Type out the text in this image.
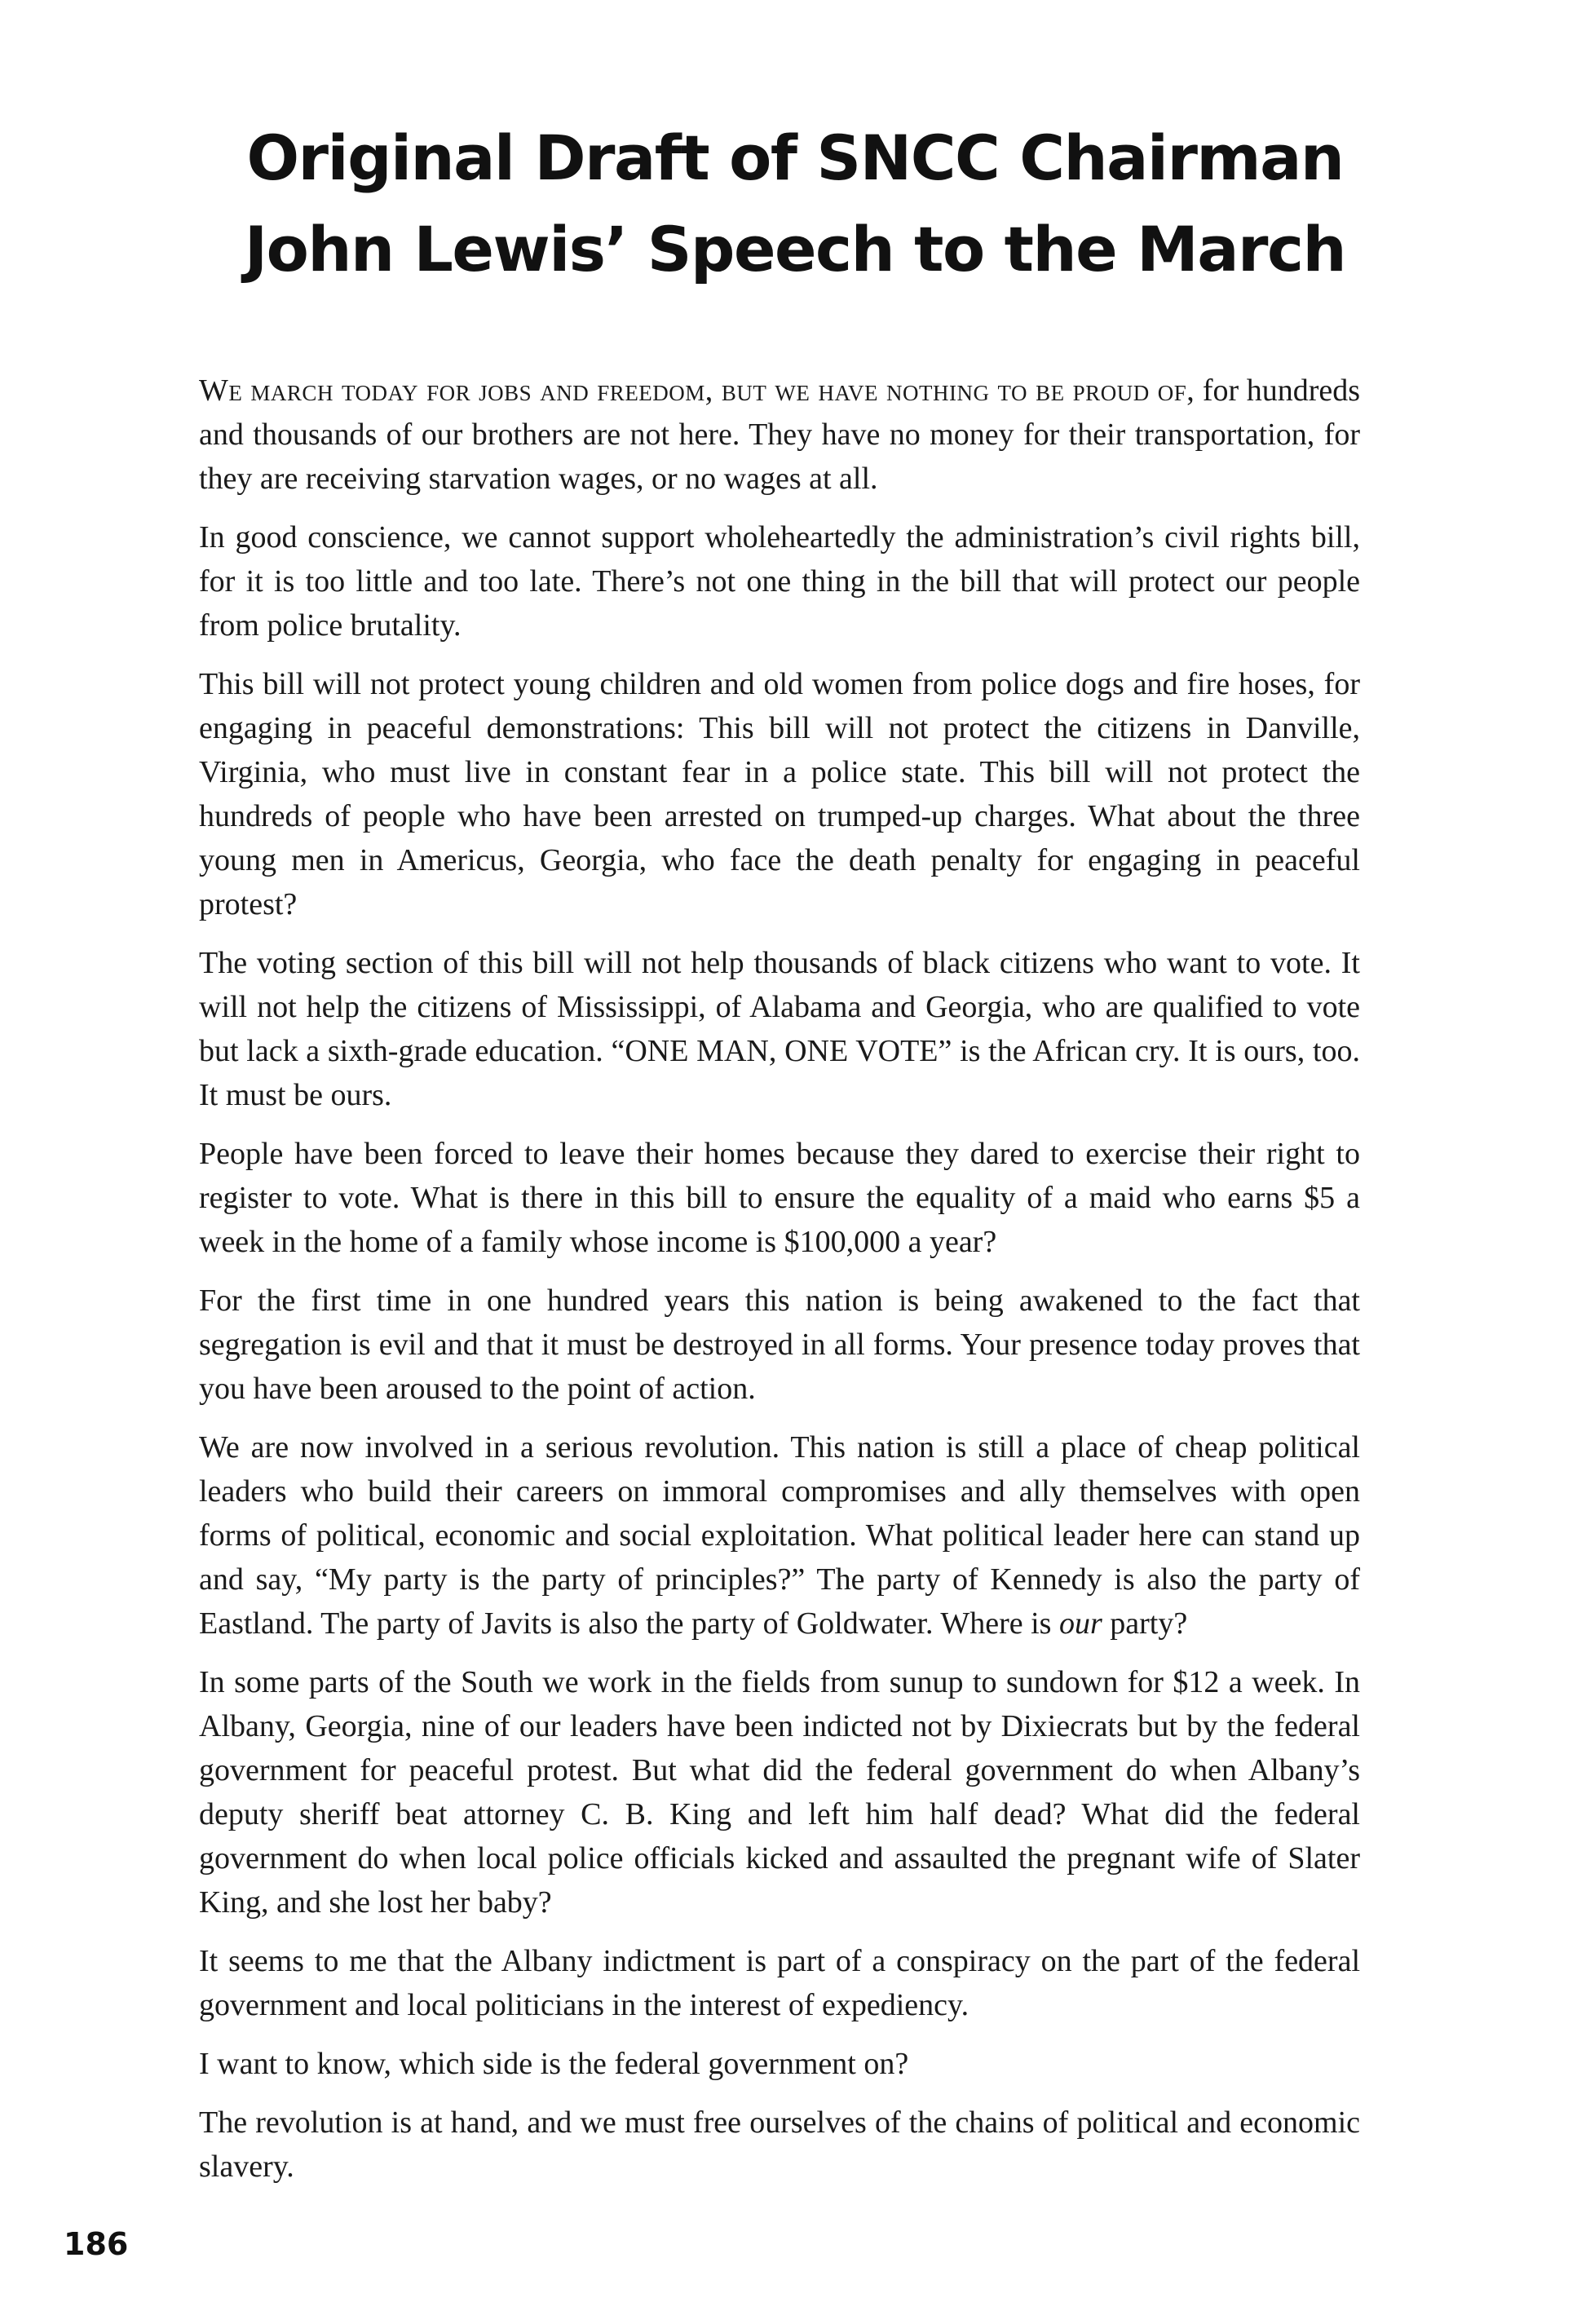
Original Draft of SNCC Chairman
John Lewis’ Speech to the March

We march today for jobs and freedom, but we have nothing to be proud of, for hundreds and thousands of our brothers are not here. They have no money for their transportation, for they are receiving starvation wages, or no wages at all.

In good conscience, we cannot support wholeheartedly the administration’s civil rights bill, for it is too little and too late. There’s not one thing in the bill that will protect our people from police brutality.

This bill will not protect young children and old women from police dogs and fire hoses, for engaging in peaceful demonstrations: This bill will not protect the citizens in Danville, Virginia, who must live in constant fear in a police state. This bill will not protect the hundreds of people who have been arrested on trumped-up charges. What about the three young men in Americus, Georgia, who face the death penalty for engaging in peaceful protest?

The voting section of this bill will not help thousands of black citizens who want to vote. It will not help the citizens of Mississippi, of Alabama and Georgia, who are qualified to vote but lack a sixth-grade education. “ONE MAN, ONE VOTE” is the African cry. It is ours, too. It must be ours.

People have been forced to leave their homes because they dared to exercise their right to register to vote. What is there in this bill to ensure the equality of a maid who earns $5 a week in the home of a family whose income is $100,000 a year?

For the first time in one hundred years this nation is being awakened to the fact that segregation is evil and that it must be destroyed in all forms. Your presence today proves that you have been aroused to the point of action.

We are now involved in a serious revolution. This nation is still a place of cheap political leaders who build their careers on immoral compromises and ally themselves with open forms of political, economic and social exploitation. What political leader here can stand up and say, “My party is the party of principles?” The party of Kennedy is also the party of Eastland. The party of Javits is also the party of Goldwater. Where is our party?

In some parts of the South we work in the fields from sunup to sundown for $12 a week. In Albany, Georgia, nine of our leaders have been indicted not by Dixiecrats but by the federal government for peaceful protest. But what did the federal government do when Albany’s deputy sheriff beat attorney C. B. King and left him half dead? What did the federal government do when local police officials kicked and assaulted the pregnant wife of Slater King, and she lost her baby?

It seems to me that the Albany indictment is part of a conspiracy on the part of the federal government and local politicians in the interest of expediency.

I want to know, which side is the federal government on?

The revolution is at hand, and we must free ourselves of the chains of political and economic slavery.

186
